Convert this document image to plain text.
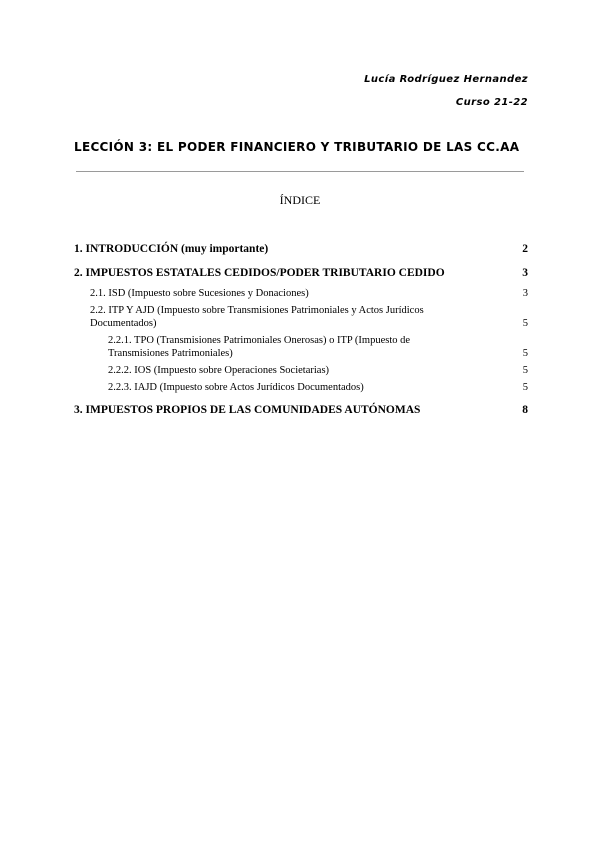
Lucía Rodríguez Hernandez
Curso 21-22
LECCIÓN 3: EL PODER FINANCIERO Y TRIBUTARIO DE LAS CC.AA
ÍNDICE
1. INTRODUCCIÓN (muy importante)	2
2. IMPUESTOS ESTATALES CEDIDOS/PODER TRIBUTARIO CEDIDO	3
2.1. ISD (Impuesto sobre Sucesiones y Donaciones)	3
2.2. ITP Y AJD (Impuesto sobre Transmisiones Patrimoniales y Actos Jurídicos Documentados)	5
2.2.1. TPO (Transmisiones Patrimoniales Onerosas) o ITP (Impuesto de Transmisiones Patrimoniales)	5
2.2.2. IOS (Impuesto sobre Operaciones Societarias)	5
2.2.3. IAJD (Impuesto sobre Actos Jurídicos Documentados)	5
3. IMPUESTOS PROPIOS DE LAS COMUNIDADES AUTÓNOMAS	8
